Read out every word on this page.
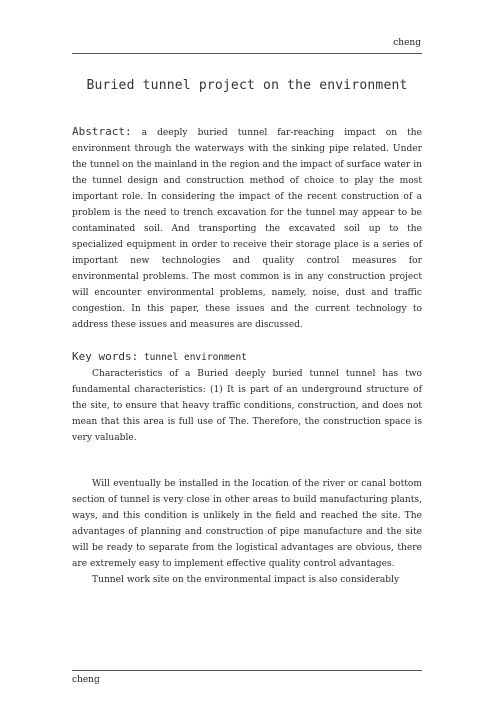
cheng
Buried tunnel project on the environment

Abstract: a deeply buried tunnel far-reaching impact on the environment through the waterways with the sinking pipe related. Under the tunnel on the mainland in the region and the impact of surface water in the tunnel design and construction method of choice to play the most important role. In considering the impact of the recent construction of a problem is the need to trench excavation for the tunnel may appear to be contaminated soil. And transporting the excavated soil up to the specialized equipment in order to receive their storage place is a series of important new technologies and quality control measures for environmental problems. The most common is in any construction project will encounter environmental problems, namely, noise, dust and traffic congestion. In this paper, these issues and the current technology to address these issues and measures are discussed.

Key words: tunnel environment

Characteristics of a Buried deeply buried tunnel tunnel has two fundamental characteristics: (1) It is part of an underground structure of the site, to ensure that heavy traffic conditions, construction, and does not mean that this area is full use of The. Therefore, the construction space is very valuable.

Will eventually be installed in the location of the river or canal bottom section of tunnel is very close in other areas to build manufacturing plants, ways, and this condition is unlikely in the field and reached the site. The advantages of planning and construction of pipe manufacture and the site will be ready to separate from the logistical advantages are obvious, there are extremely easy to implement effective quality control advantages.

Tunnel work site on the environmental impact is also considerably

cheng
